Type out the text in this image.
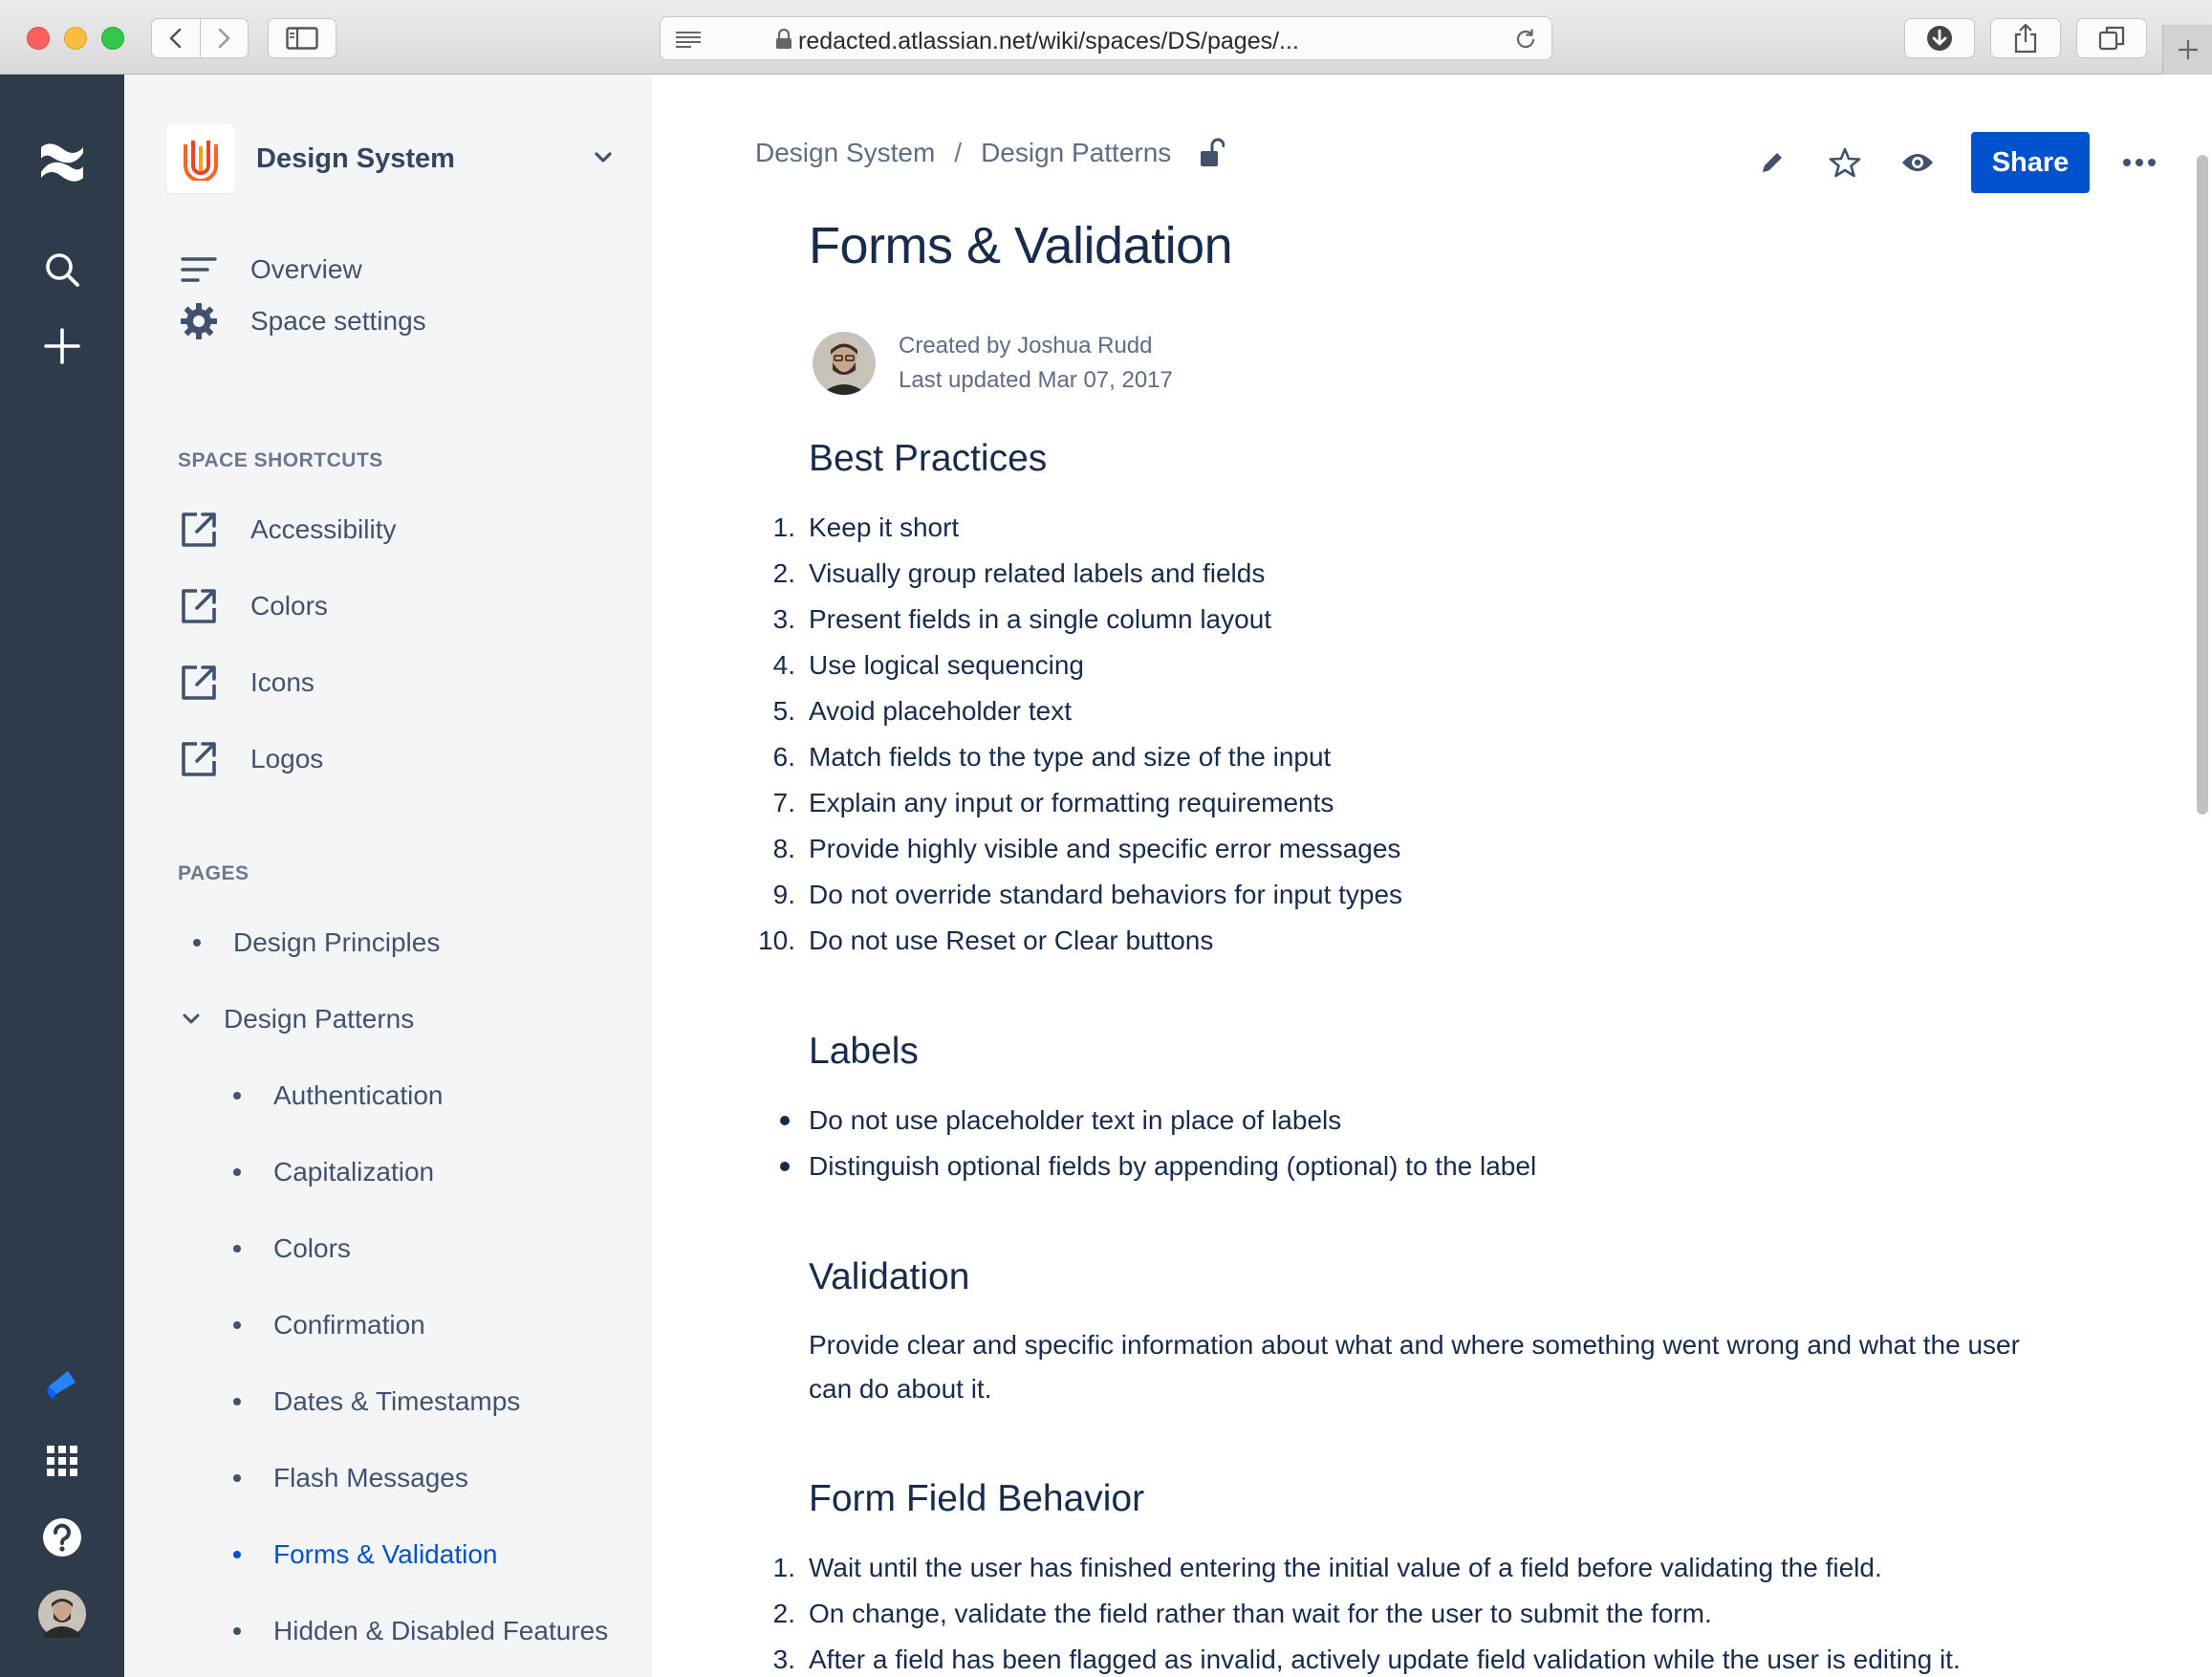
redacted.atlassian.net/wiki/spaces/DS/pages/...
Design System
Overview
Space settings
SPACE SHORTCUTS
Accessibility
Colors
Icons
Logos
PAGES
Design Principles
Design Patterns
Authentication
Capitalization
Colors
Confirmation
Dates & Timestamps
Flash Messages
Forms & Validation
Hidden & Disabled Features
Design System / Design Patterns	Share
Forms & Validation
Created by Joshua Rudd
Last updated Mar 07, 2017
Best Practices
1. Keep it short
2. Visually group related labels and fields
3. Present fields in a single column layout
4. Use logical sequencing
5. Avoid placeholder text
6. Match fields to the type and size of the input
7. Explain any input or formatting requirements
8. Provide highly visible and specific error messages
9. Do not override standard behaviors for input types
10. Do not use Reset or Clear buttons
Labels
Do not use placeholder text in place of labels
Distinguish optional fields by appending (optional) to the label
Validation

Provide clear and specific information about what and where something went wrong and what the user can do about it.

Form Field Behavior
1. Wait until the user has finished entering the initial value of a field before validating the field.
2. On change, validate the field rather than wait for the user to submit the form.
3. After a field has been flagged as invalid, actively update field validation while the user is editing it.
